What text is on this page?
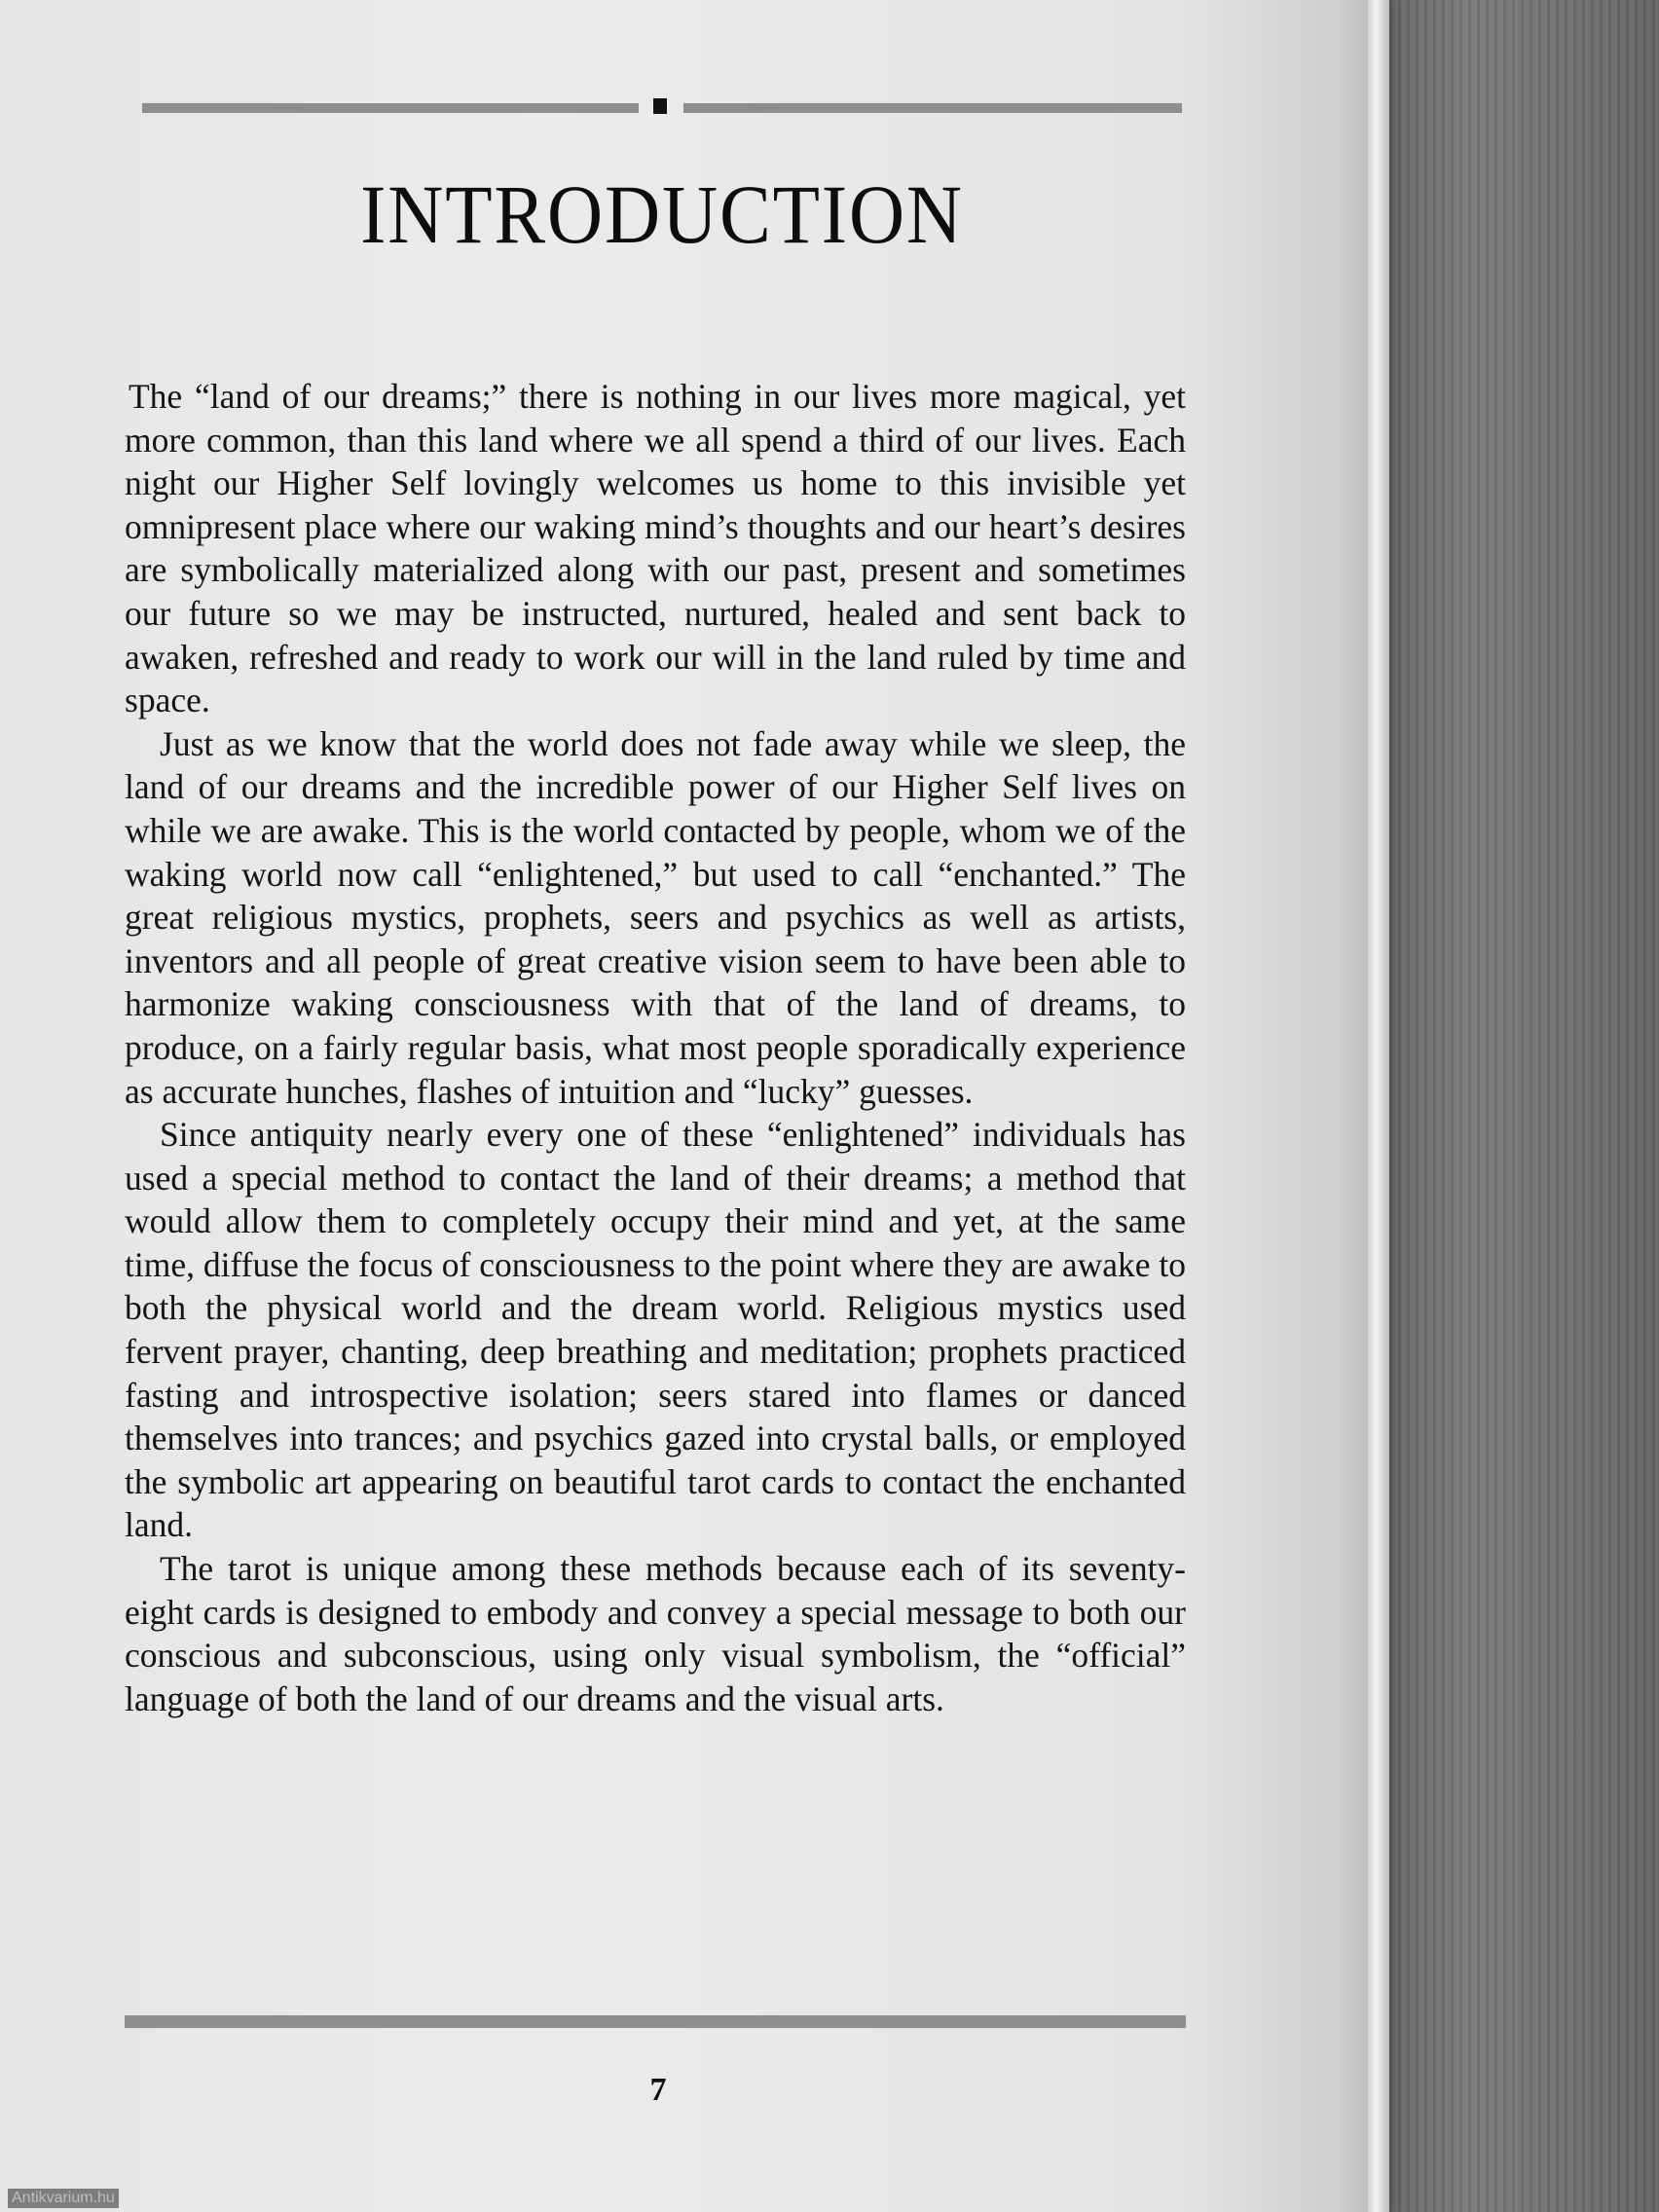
INTRODUCTION

The “land of our dreams;” there is nothing in our lives more magical, yet more common, than this land where we all spend a third of our lives. Each night our Higher Self lovingly welcomes us home to this invisible yet omnipresent place where our waking mind’s thoughts and our heart’s desires are symbolically materialized along with our past, present and sometimes our future so we may be instructed, nurtured, healed and sent back to awaken, refreshed and ready to work our will in the land ruled by time and space.

Just as we know that the world does not fade away while we sleep, the land of our dreams and the incredible power of our Higher Self lives on while we are awake. This is the world contacted by people, whom we of the waking world now call “enlightened,” but used to call “enchanted.” The great religious mystics, prophets, seers and psychics as well as artists, inventors and all people of great creative vision seem to have been able to harmonize waking consciousness with that of the land of dreams, to produce, on a fairly regular basis, what most people sporadically experience as accurate hunches, flashes of intuition and “lucky” guesses.

Since antiquity nearly every one of these “enlightened” individuals has used a special method to contact the land of their dreams; a method that would allow them to completely occupy their mind and yet, at the same time, diffuse the focus of consciousness to the point where they are awake to both the physical world and the dream world. Religious mystics used fervent prayer, chanting, deep breathing and meditation; prophets practiced fasting and introspective isolation; seers stared into flames or danced themselves into trances; and psychics gazed into crystal balls, or employed the symbolic art appearing on beautiful tarot cards to contact the enchanted land.

The tarot is unique among these methods because each of its seventy-eight cards is designed to embody and convey a special message to both our conscious and subconscious, using only visual symbolism, the “official” language of both the land of our dreams and the visual arts.

7
Antikvarium.hu
